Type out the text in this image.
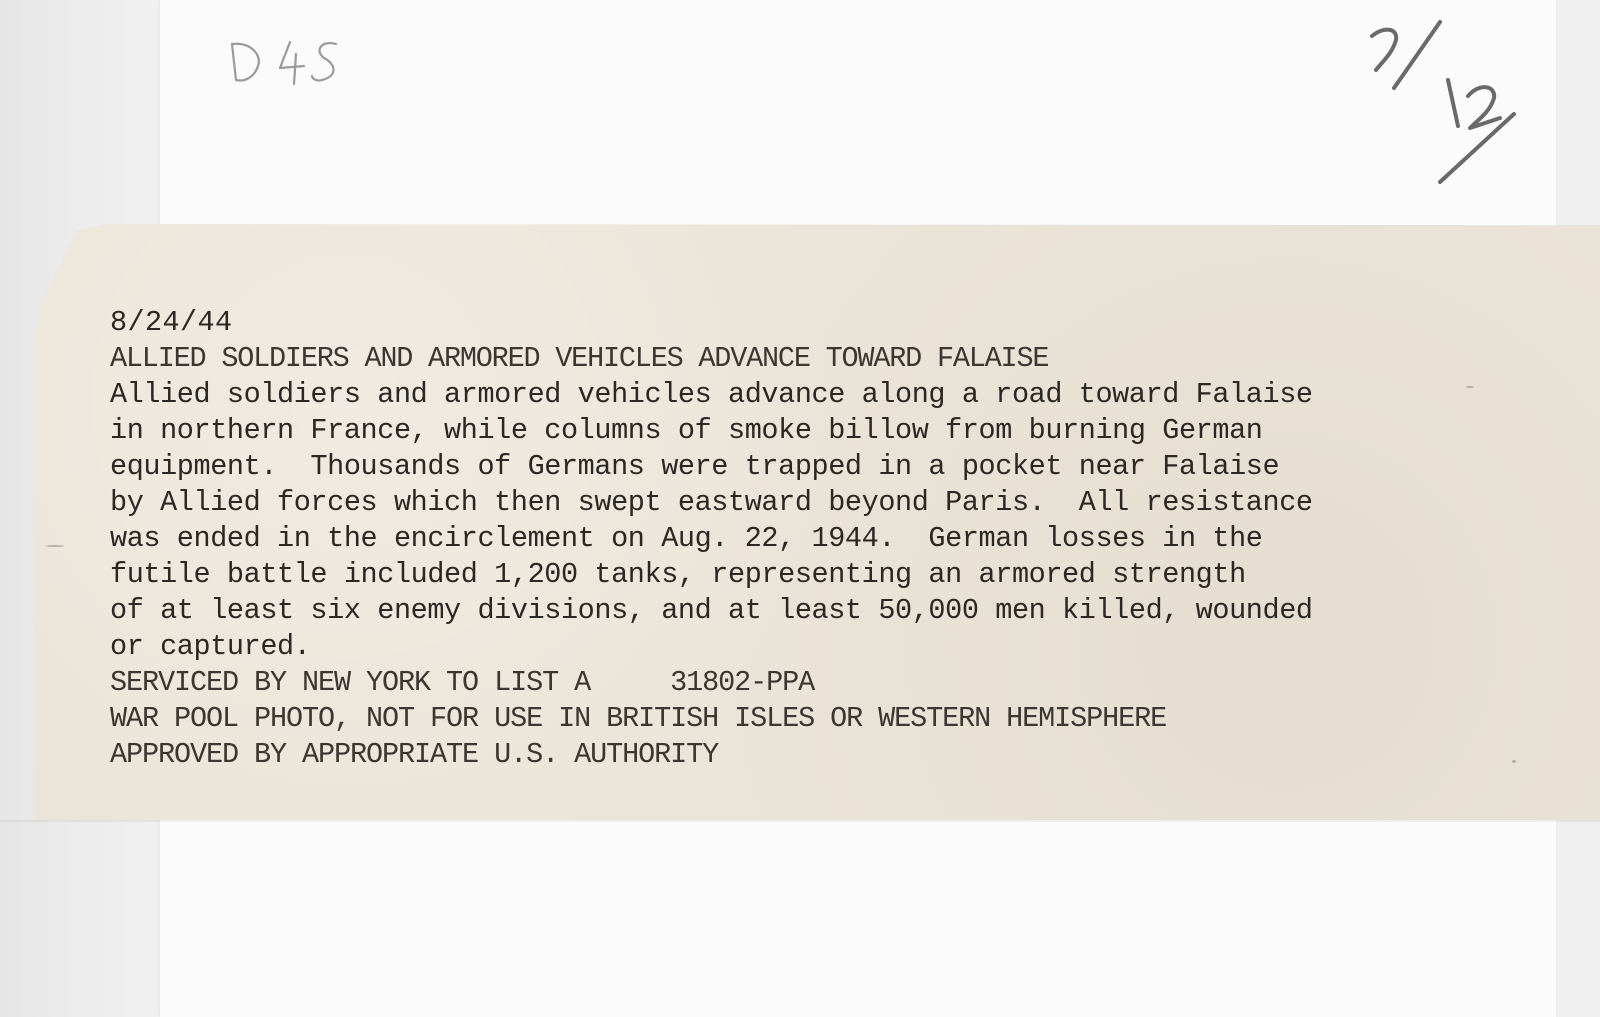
8/24/44
ALLIED SOLDIERS AND ARMORED VEHICLES ADVANCE TOWARD FALAISE
Allied soldiers and armored vehicles advance along a road toward Falaise
in northern France, while columns of smoke billow from burning German
equipment.  Thousands of Germans were trapped in a pocket near Falaise
by Allied forces which then swept eastward beyond Paris.  All resistance
was ended in the encirclement on Aug. 22, 1944.  German losses in the
futile battle included 1,200 tanks, representing an armored strength
of at least six enemy divisions, and at least 50,000 men killed, wounded
or captured.
SERVICED BY NEW YORK TO LIST A     31802-PPA
WAR POOL PHOTO, NOT FOR USE IN BRITISH ISLES OR WESTERN HEMISPHERE
APPROVED BY APPROPRIATE U.S. AUTHORITY
